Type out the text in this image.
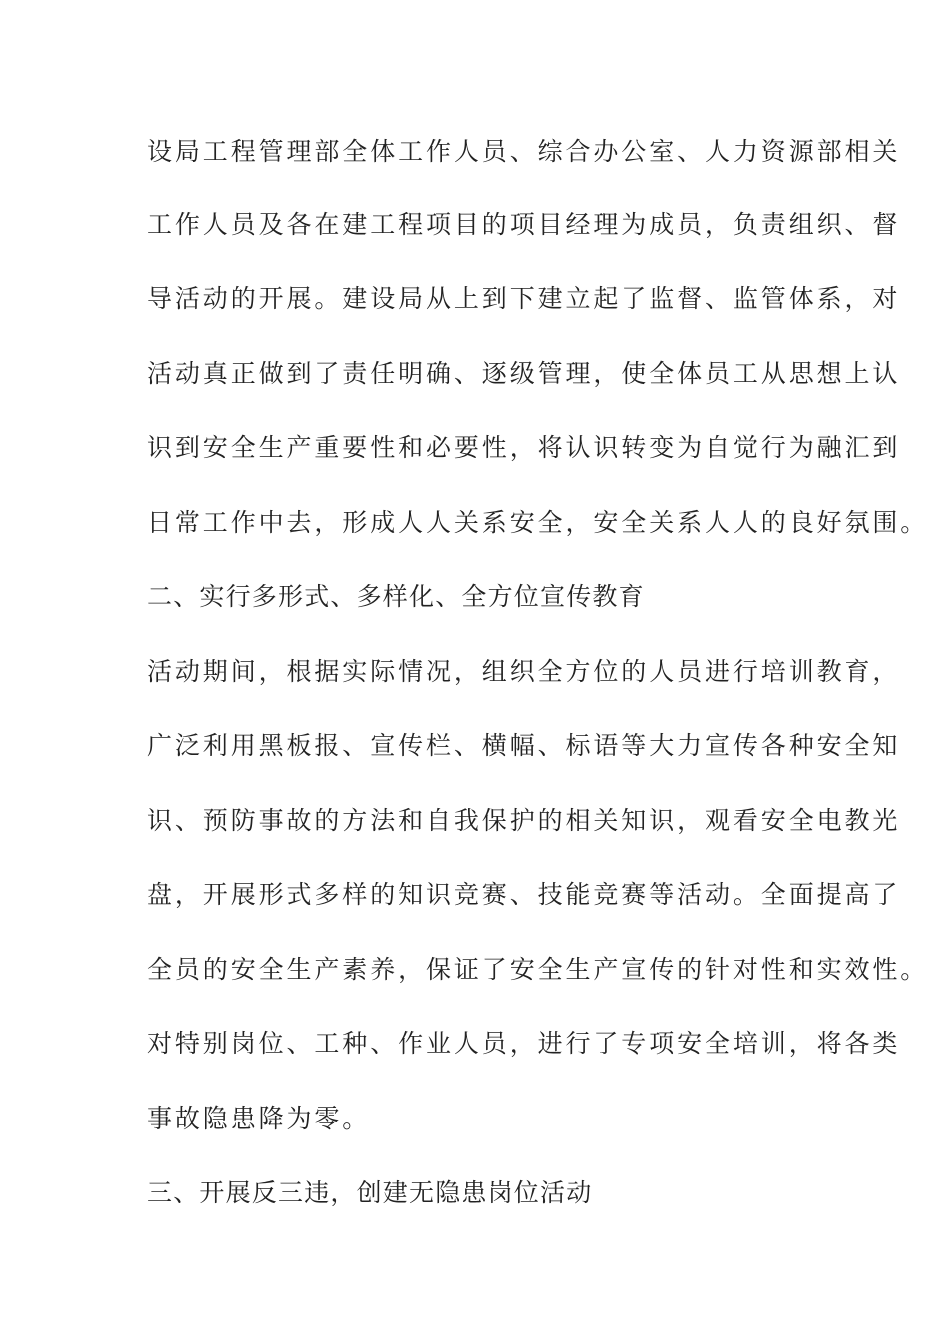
设局工程管理部全体工作人员、综合办公室、人力资源部相关

工作人员及各在建工程项目的项目经理为成员，负责组织、督

导活动的开展。建设局从上到下建立起了监督、监管体系，对

活动真正做到了责任明确、逐级管理，使全体员工从思想上认

识到安全生产重要性和必要性，将认识转变为自觉行为融汇到

日常工作中去，形成人人关系安全，安全关系人人的良好氛围。

二、实行多形式、多样化、全方位宣传教育

活动期间，根据实际情况，组织全方位的人员进行培训教育，

广泛利用黑板报、宣传栏、横幅、标语等大力宣传各种安全知

识、预防事故的方法和自我保护的相关知识，观看安全电教光

盘，开展形式多样的知识竞赛、技能竞赛等活动。全面提高了

全员的安全生产素养，保证了安全生产宣传的针对性和实效性。

对特别岗位、工种、作业人员，进行了专项安全培训，将各类

事故隐患降为零。

三、开展反三违，创建无隐患岗位活动
